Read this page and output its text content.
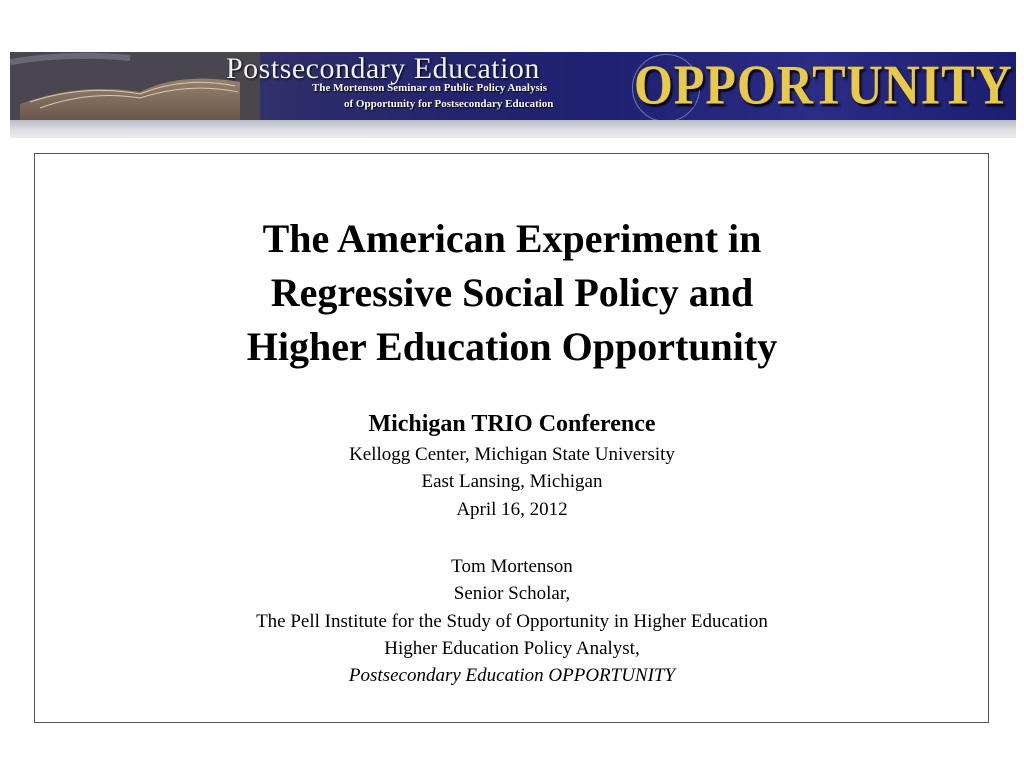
Postsecondary Education
The Mortenson Seminar on Public Policy Analysis
of Opportunity for Postsecondary Education OPPORTUNITY
The American Experiment in
Regressive Social Policy and
Higher Education Opportunity
Michigan TRIO Conference
Kellogg Center, Michigan State University
East Lansing, Michigan
April 16, 2012
Tom Mortenson
Senior Scholar,
The Pell Institute for the Study of Opportunity in Higher Education
Higher Education Policy Analyst,
Postsecondary Education OPPORTUNITY
